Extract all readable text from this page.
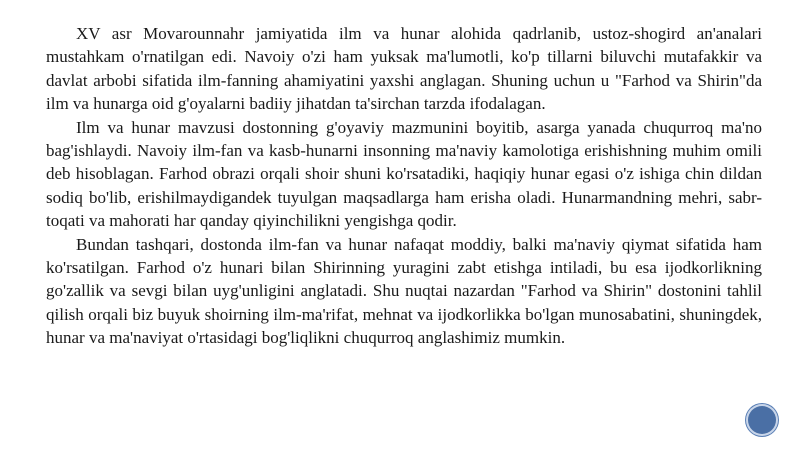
XV asr Movarounnahr jamiyatida ilm va hunar alohida qadrlanib, ustoz-shogird an'analari mustahkam o'rnatilgan edi. Navoiy o'zi ham yuksak ma'lumotli, ko'p tillarni biluvchi mutafakkir va davlat arbobi sifatida ilm-fanning ahamiyatini yaxshi anglagan. Shuning uchun u "Farhod va Shirin"da ilm va hunarga oid g'oyalarni badiiy jihatdan ta'sirchan tarzda ifodalagan.

Ilm va hunar mavzusi dostonning g'oyaviy mazmunini boyitib, asarga yanada chuqurroq ma'no bag'ishlaydi. Navoiy ilm-fan va kasb-hunarni insonning ma'naviy kamolotiga erishishning muhim omili deb hisoblagan. Farhod obrazi orqali shoir shuni ko'rsatadiki, haqiqiy hunar egasi o'z ishiga chin dildan sodiq bo'lib, erishilmaydigandek tuyulgan maqsadlarga ham erisha oladi. Hunarmandning mehri, sabr-toqati va mahorati har qanday qiyinchilikni yengishga qodir.

Bundan tashqari, dostonda ilm-fan va hunar nafaqat moddiy, balki ma'naviy qiymat sifatida ham ko'rsatilgan. Farhod o'z hunari bilan Shirinning yuragini zabt etishga intiladi, bu esa ijodkorlikning go'zallik va sevgi bilan uyg'unligini anglatadi. Shu nuqtai nazardan "Farhod va Shirin" dostonini tahlil qilish orqali biz buyuk shoirning ilm-ma'rifat, mehnat va ijodkorlikka bo'lgan munosabatini, shuningdek, hunar va ma'naviyat o'rtasidagi bog'liqlikni chuqurroq anglashimiz mumkin.
